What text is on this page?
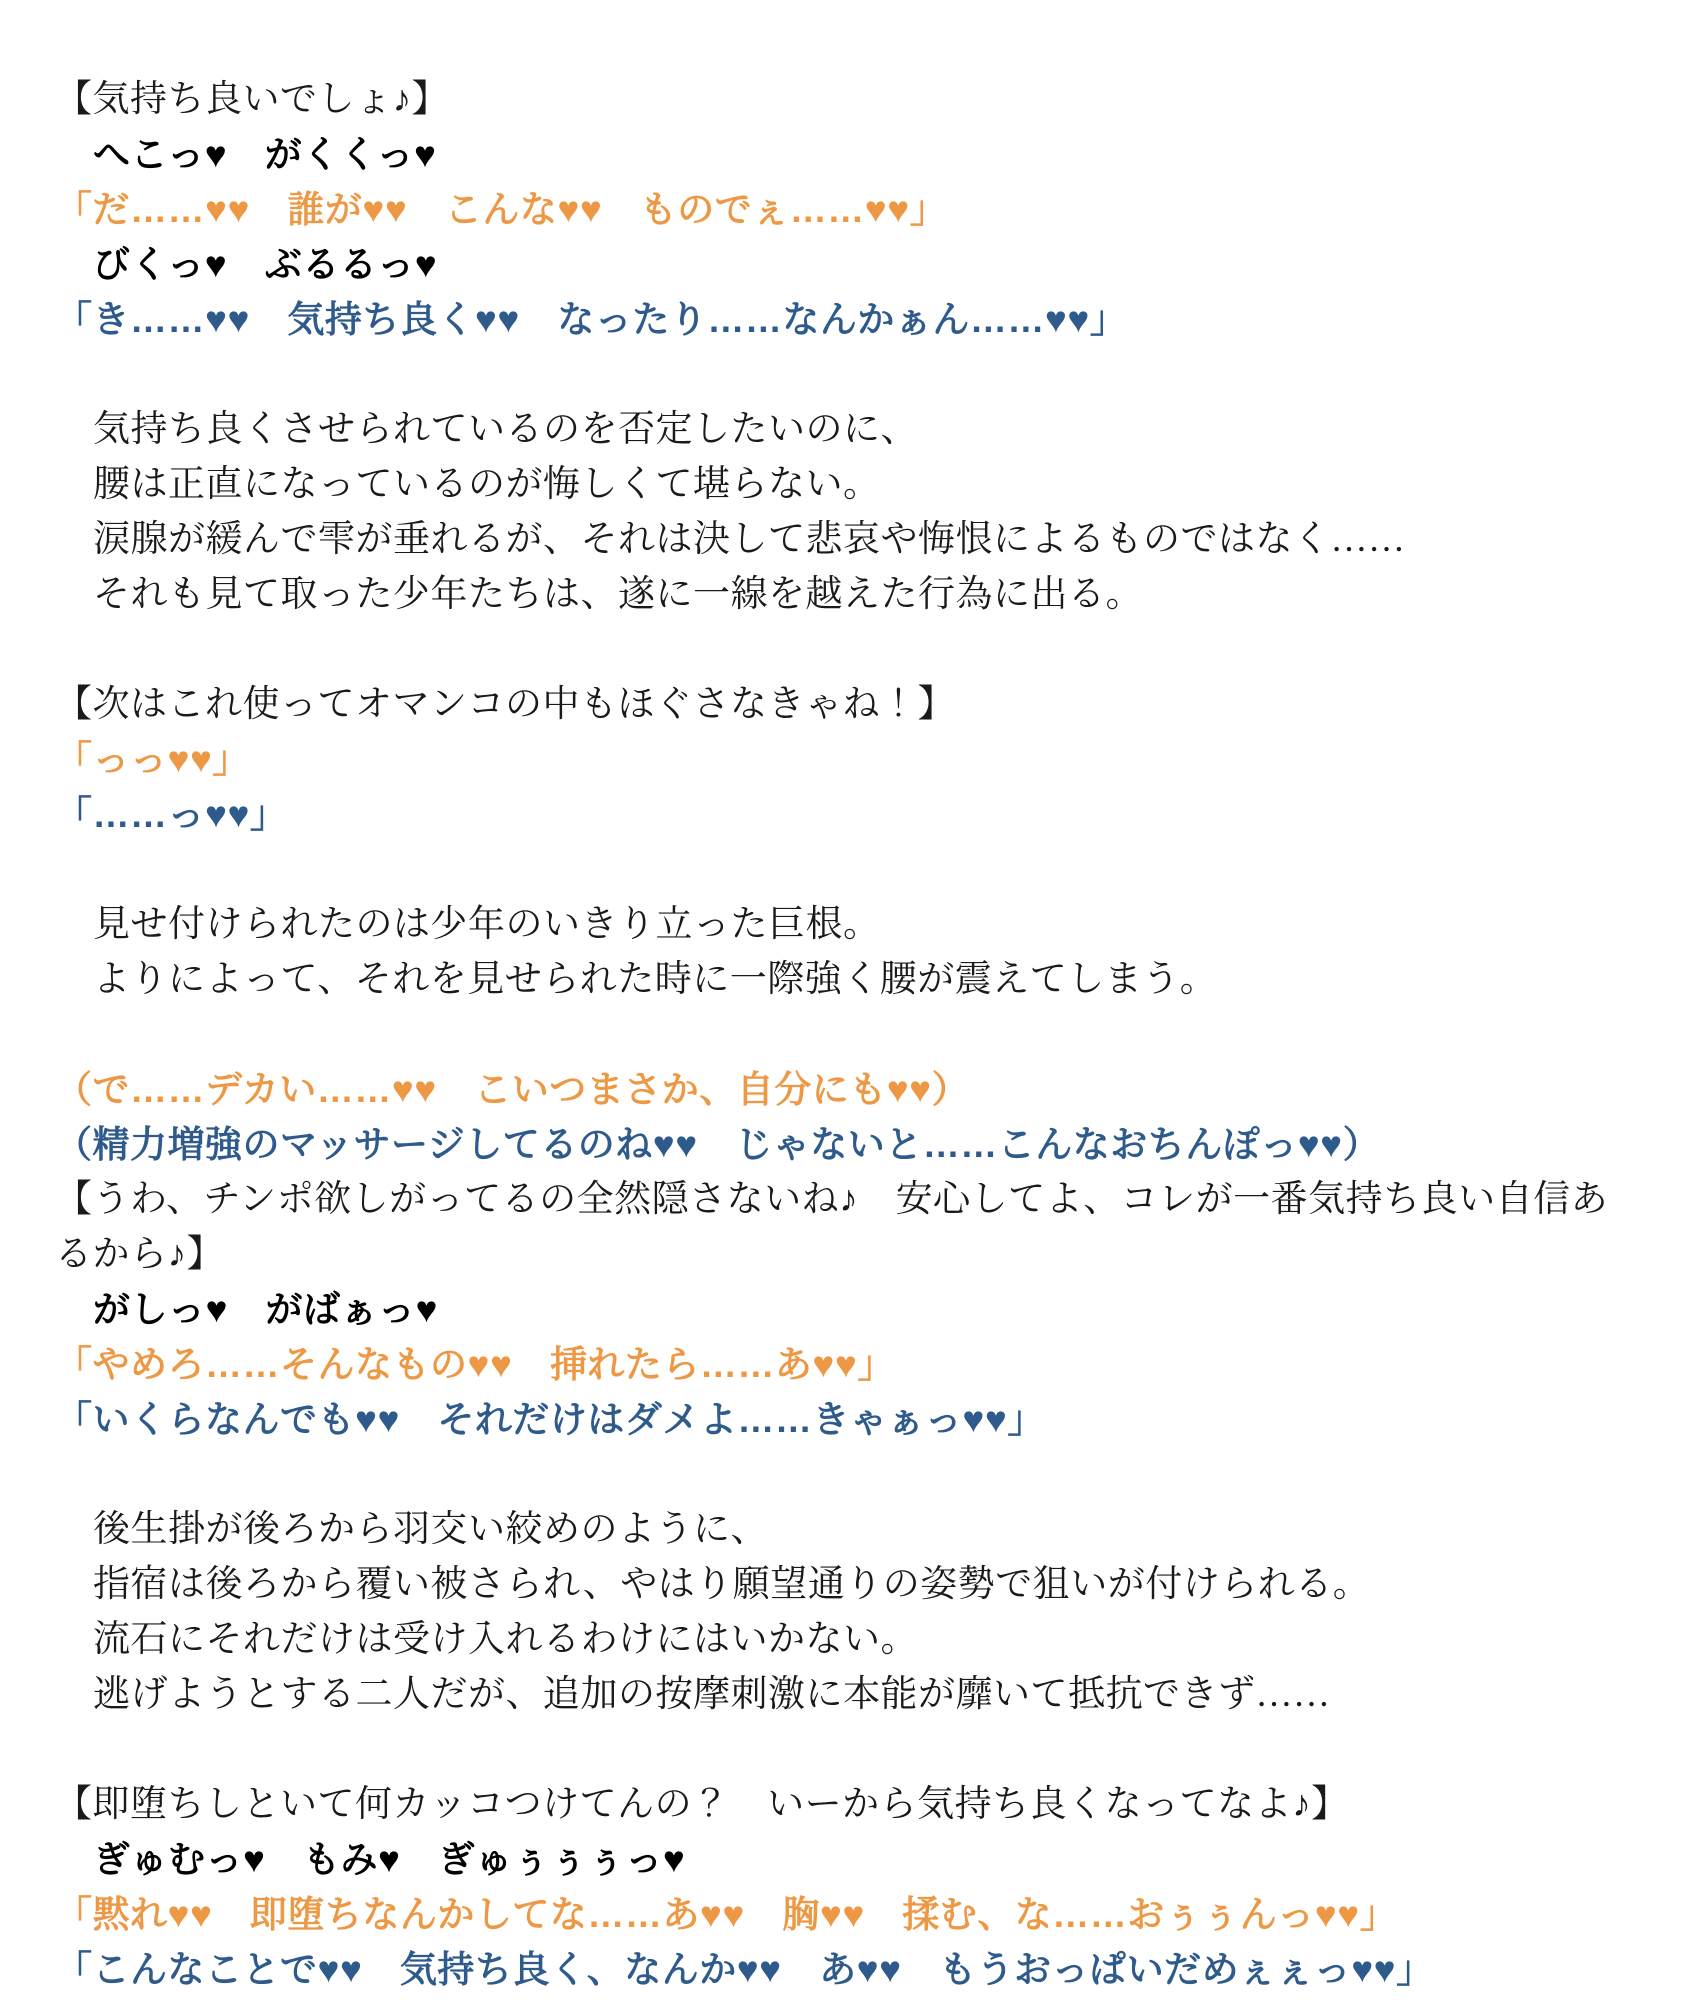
【気持ち良いでしょ♪】

へこっ♥　がくくっ♥

「だ……♥♥　誰が♥♥　こんな♥♥　ものでぇ……♥♥」

びくっ♥　ぶるるっ♥

「き……♥♥　気持ち良く♥♥　なったり……なんかぁん……♥♥」

気持ち良くさせられているのを否定したいのに、

腰は正直になっているのが悔しくて堪らない。

涙腺が緩んで雫が垂れるが、それは決して悲哀や悔恨によるものではなく……

それも見て取った少年たちは、遂に一線を越えた行為に出る。

【次はこれ使ってオマンコの中もほぐさなきゃね！】

「っっ♥♥」

「……っ♥♥」

見せ付けられたのは少年のいきり立った巨根。

よりによって、それを見せられた時に一際強く腰が震えてしまう。

（で……デカい……♥♥　こいつまさか、自分にも♥♥）

（精力増強のマッサージしてるのね♥♥　じゃないと……こんなおちんぽっ♥♥）

【うわ、チンポ欲しがってるの全然隠さないね♪　安心してよ、コレが一番気持ち良い自信あるから♪】

がしっ♥　がばぁっ♥

「やめろ……そんなもの♥♥　挿れたら……あ♥♥」

「いくらなんでも♥♥　それだけはダメよ……きゃぁっ♥♥」

後生掛が後ろから羽交い絞めのように、

指宿は後ろから覆い被さられ、やはり願望通りの姿勢で狙いが付けられる。

流石にそれだけは受け入れるわけにはいかない。

逃げようとする二人だが、追加の按摩刺激に本能が靡いて抵抗できず……

【即堕ちしといて何カッコつけてんの？　いーから気持ち良くなってなよ♪】

ぎゅむっ♥　もみ♥　ぎゅぅぅぅっ♥

「黙れ♥♥　即堕ちなんかしてな……あ♥♥　胸♥♥　揉む、な……おぅぅんっ♥♥」

「こんなことで♥♥　気持ち良く、なんか♥♥　あ♥♥　もうおっぱいだめぇぇっ♥♥」
